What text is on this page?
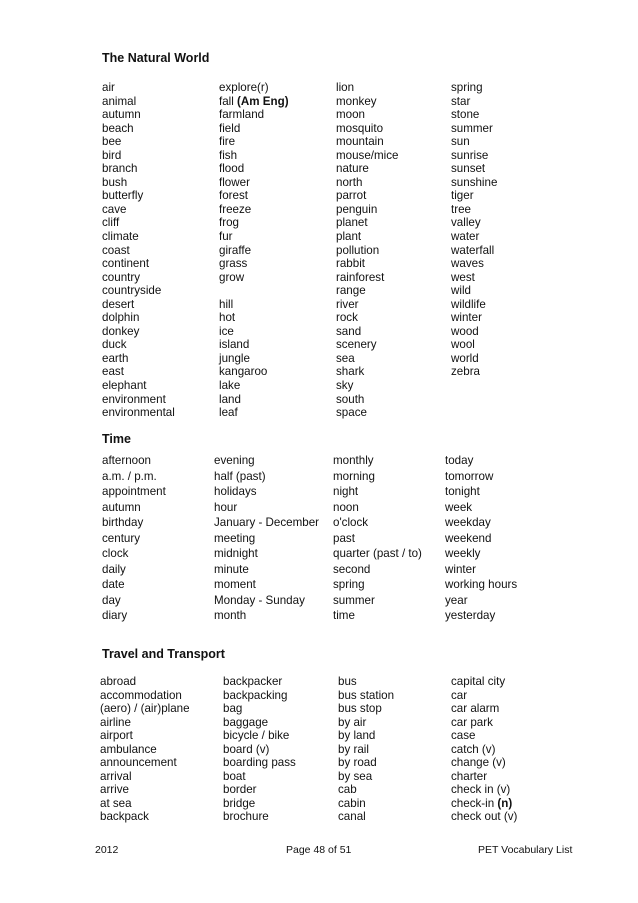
The Natural World
air
animal
autumn
beach
bee
bird
branch
bush
butterfly
cave
cliff
climate
coast
continent
country
countryside
desert
dolphin
donkey
duck
earth
east
elephant
environment
environmental
explore(r)
fall (Am Eng)
farmland
field
fire
fish
flood
flower
forest
freeze
frog
fur
giraffe
grass
grow
hill
hot
ice
island
jungle
kangaroo
lake
land
leaf
lion
monkey
moon
mosquito
mountain
mouse/mice
nature
north
parrot
penguin
planet
plant
pollution
rabbit
rainforest
range
river
rock
sand
scenery
sea
shark
sky
south
space
spring
star
stone
summer
sun
sunrise
sunset
sunshine
tiger
tree
valley
water
waterfall
waves
west
wild
wildlife
winter
wood
wool
world
zebra
Time
afternoon
a.m. / p.m.
appointment
autumn
birthday
century
clock
daily
date
day
diary
evening
half (past)
holidays
hour
January - December
meeting
midnight
minute
moment
Monday - Sunday
month
monthly
morning
night
noon
o'clock
past
quarter (past / to)
second
spring
summer
time
today
tomorrow
tonight
week
weekday
weekend
weekly
winter
working hours
year
yesterday
Travel and Transport
abroad
accommodation
(aero) / (air)plane
airline
airport
ambulance
announcement
arrival
arrive
at sea
backpack
backpacker
backpacking
bag
baggage
bicycle / bike
board (v)
boarding pass
boat
border
bridge
brochure
bus
bus station
bus stop
by air
by land
by rail
by road
by sea
cab
cabin
canal
capital city
car
car alarm
car park
case
catch (v)
change (v)
charter
check in (v)
check-in (n)
check out (v)
2012	Page 48 of 51	PET Vocabulary List
